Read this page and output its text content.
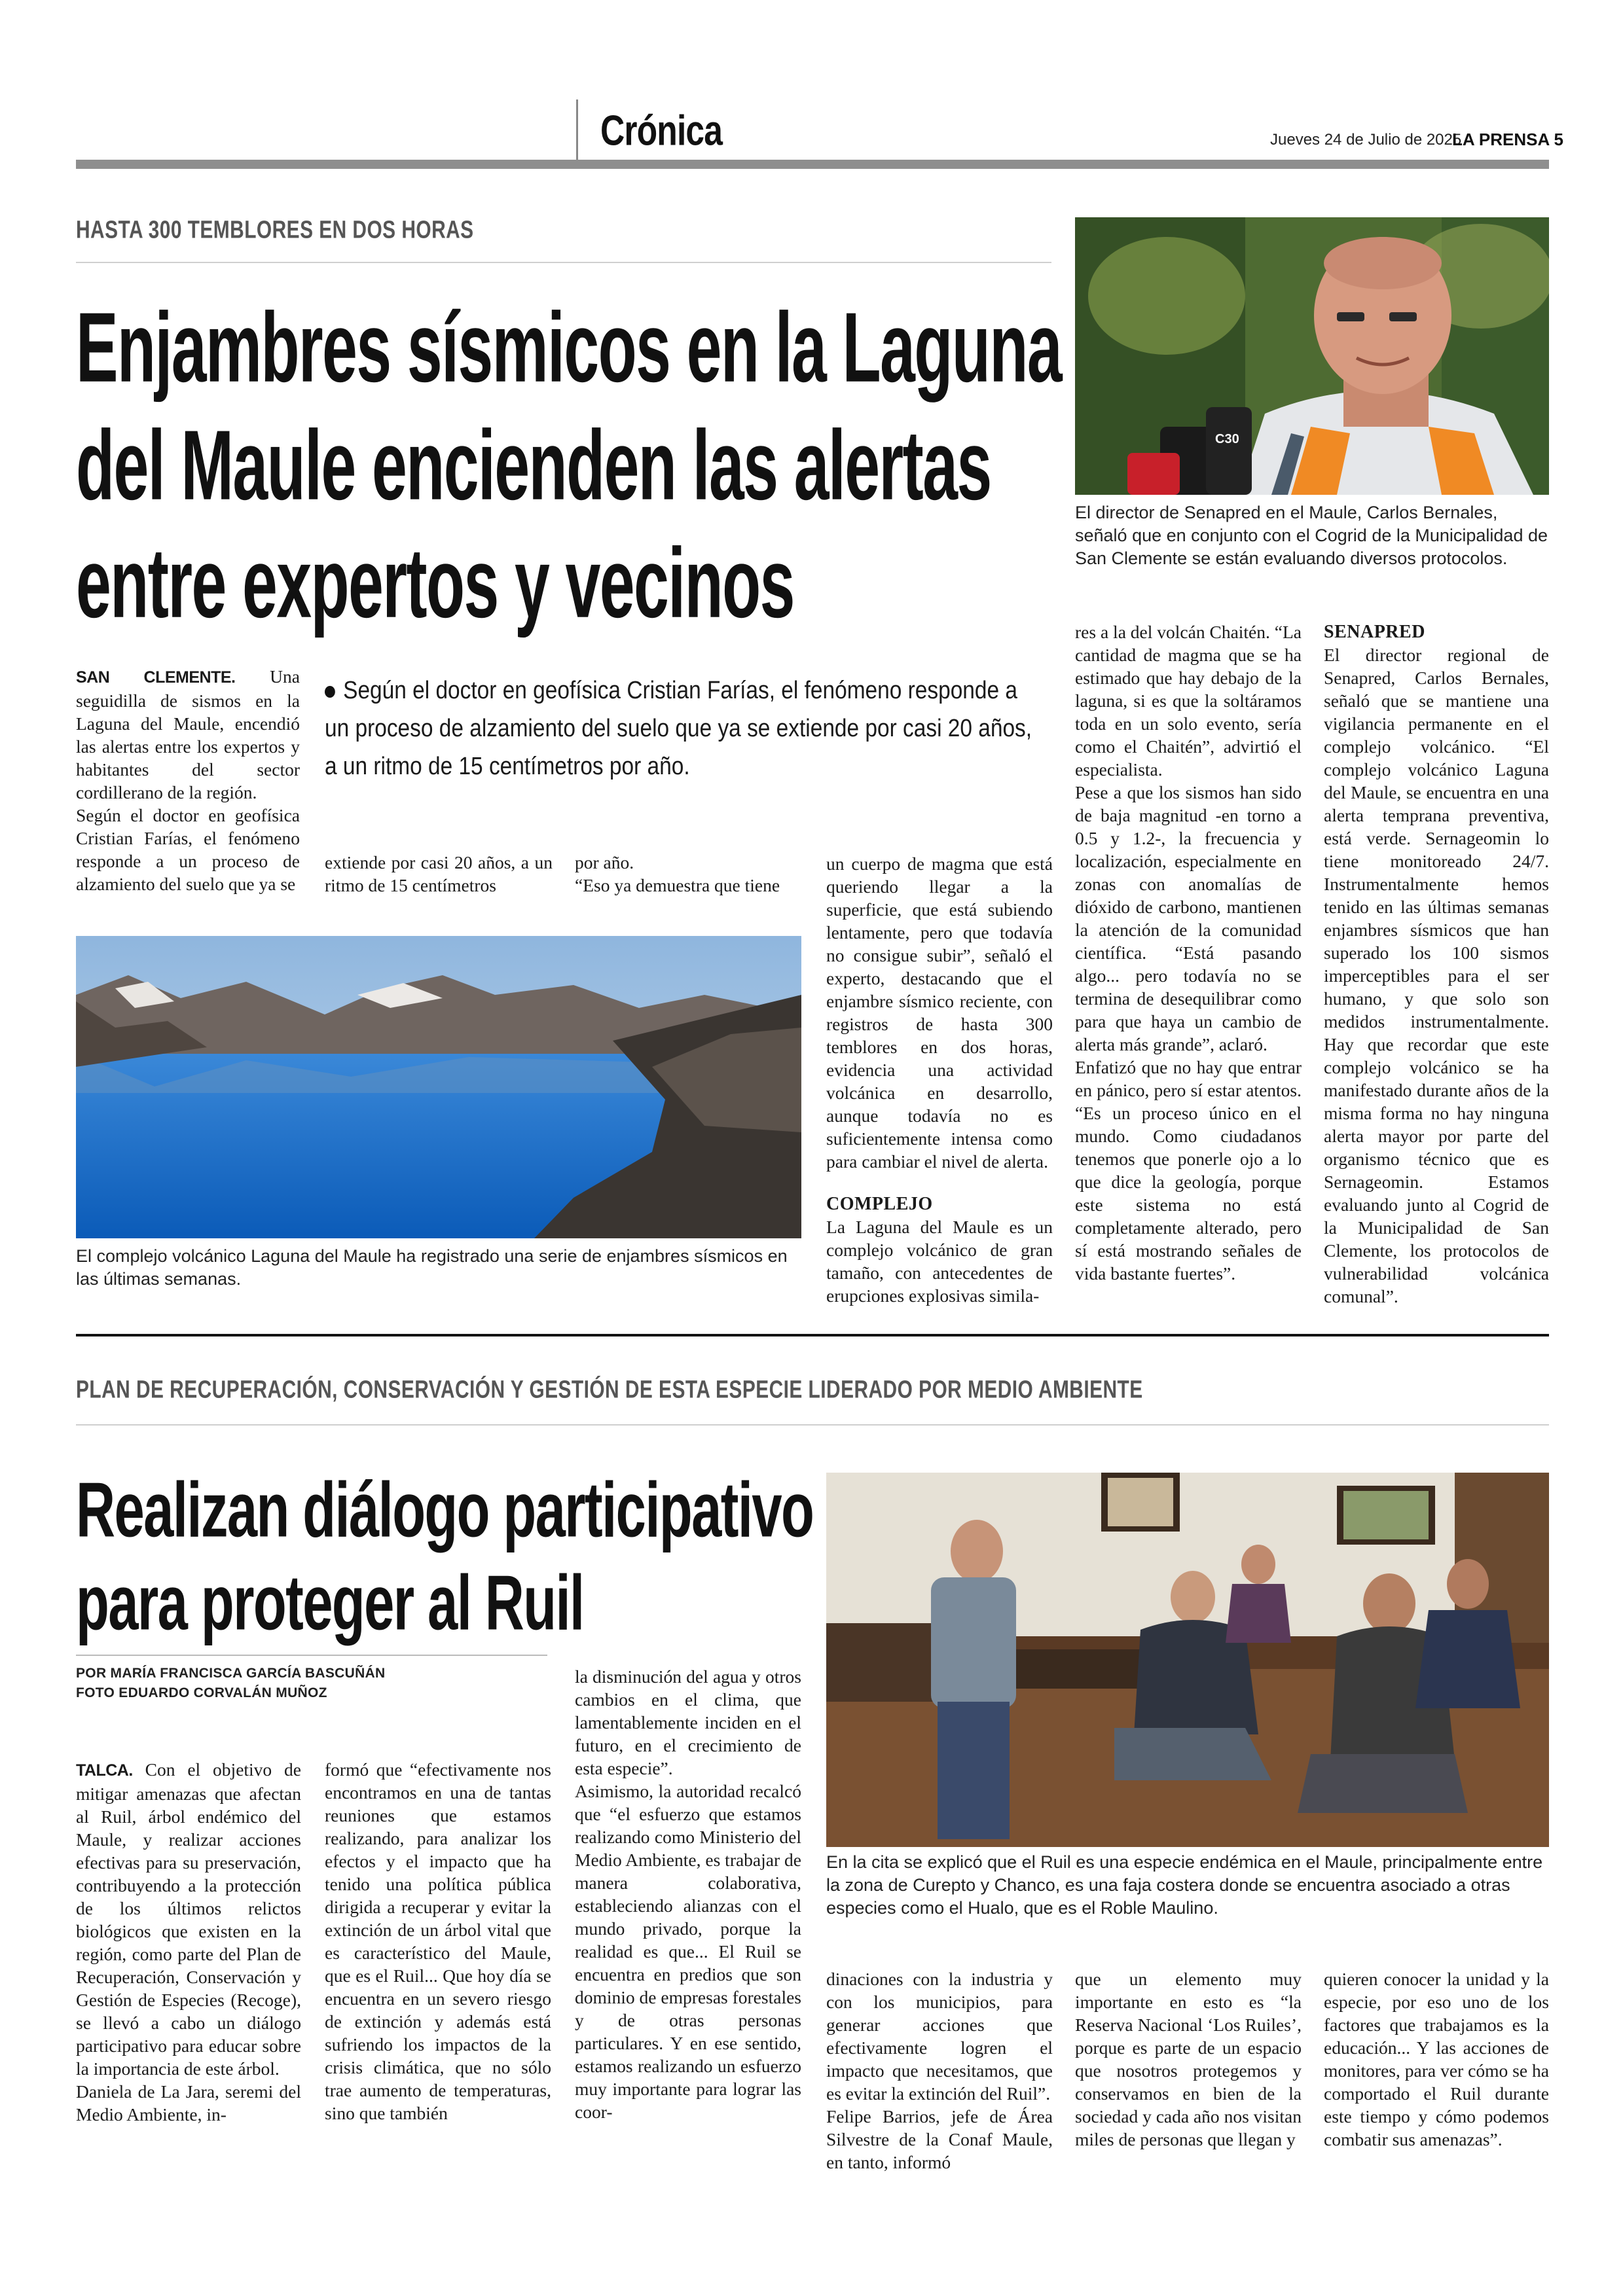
Crónica	Jueves 24 de Julio de 2025
LA PRENSA 5
HASTA 300 TEMBLORES EN DOS HORAS
Enjambres sísmicos en la Laguna
del Maule encienden las alertas
entre expertos y vecinos
C30
El director de Senapred en el Maule, Carlos Bernales, señaló que en conjunto con el Cogrid de la Municipalidad de San Clemente se están evaluando diversos protocolos.

SAN CLEMENTE. Una seguidilla de sismos en la Laguna del Maule, encendió las alertas entre los expertos y habitantes del sector cordillerano de la región.

Según el doctor en geofísica Cristian Farías, el fenómeno responde a un proceso de alzamiento del suelo que ya se

Según el doctor en geofísica Cristian Farías, el fenómeno responde a un proceso de alzamiento del suelo que ya se extiende por casi 20 años, a un ritmo de 15 centímetros por año.
extiende por casi 20 años, a un ritmo de 15 centímetros
por año.
“Eso ya demuestra que tiene

un cuerpo de magma que está queriendo llegar a la superficie, que está subiendo lentamente, pero que todavía no consigue subir”, señaló el experto, destacando que el enjambre sísmico reciente, con registros de hasta 300 temblores en dos horas, evidencia una actividad volcánica en desarrollo, aunque todavía no es suficientemente intensa como para cambiar el nivel de alerta.

COMPLEJO

La Laguna del Maule es un complejo volcánico de gran tamaño, con antecedentes de erupciones explosivas simila-

res a la del volcán Chaitén. “La cantidad de magma que se ha estimado que hay debajo de la laguna, si es que la soltáramos toda en un solo evento, sería como el Chaitén”, advirtió el especialista.

Pese a que los sismos han sido de baja magnitud -en torno a 0.5 y 1.2-, la frecuencia y localización, especialmente en zonas con anomalías de dióxido de carbono, mantienen la atención de la comunidad científica. “Está pasando algo... pero todavía no se termina de desequilibrar como para que haya un cambio de alerta más grande”, aclaró.

Enfatizó que no hay que entrar en pánico, pero sí estar atentos. “Es un proceso único en el mundo. Como ciudadanos tenemos que ponerle ojo a lo que dice la geología, porque este sistema no está completamente alterado, pero sí está mostrando señales de vida bastante fuertes”.

SENAPRED

El director regional de Senapred, Carlos Bernales, señaló que se mantiene una vigilancia permanente en el complejo volcánico. “El complejo volcánico Laguna del Maule, se encuentra en una alerta temprana preventiva, está verde. Sernageomin lo tiene monitoreado 24/7. Instrumentalmente hemos tenido en las últimas semanas enjambres sísmicos que han superado los 100 sismos imperceptibles para el ser humano, y que solo son medidos instrumentalmente. Hay que recordar que este complejo volcánico se ha manifestado durante años de la misma forma no hay ninguna alerta mayor por parte del organismo técnico que es Sernageomin. Estamos evaluando junto al Cogrid de la Municipalidad de San Clemente, los protocolos de vulnerabilidad volcánica comunal”.

El complejo volcánico Laguna del Maule ha registrado una serie de enjambres sísmicos en las últimas semanas.
PLAN DE RECUPERACIÓN, CONSERVACIÓN Y GESTIÓN DE ESTA ESPECIE LIDERADO POR MEDIO AMBIENTE
Realizan diálogo participativo
para proteger al Ruil
POR MARÍA FRANCISCA GARCÍA BASCUÑÁN
FOTO EDUARDO CORVALÁN MUÑOZ
En la cita se explicó que el Ruil es una especie endémica en el Maule, principalmente entre la zona de Curepto y Chanco, es una faja costera donde se encuentra asociado a otras especies como el Hualo, que es el Roble Maulino.

TALCA. Con el objetivo de mitigar amenazas que afectan al Ruil, árbol endémico del Maule, y realizar acciones efectivas para su preservación, contribuyendo a la protección de los últimos relictos biológicos que existen en la región, como parte del Plan de Recuperación, Conservación y Gestión de Especies (Recoge), se llevó a cabo un diálogo participativo para educar sobre la importancia de este árbol.

Daniela de La Jara, seremi del Medio Ambiente, in-

formó que “efectivamente nos encontramos en una de tantas reuniones que estamos realizando, para analizar los efectos y el impacto que ha tenido una política pública dirigida a recuperar y evitar la extinción de un árbol vital que es característico del Maule, que es el Ruil... Que hoy día se encuentra en un severo riesgo de extinción y además está sufriendo los impactos de la crisis climática, que no sólo trae aumento de temperaturas, sino que también

la disminución del agua y otros cambios en el clima, que lamentablemente inciden en el futuro, en el crecimiento de esta especie”.

Asimismo, la autoridad recalcó que “el esfuerzo que estamos realizando como Ministerio del Medio Ambiente, es trabajar de manera colaborativa, estableciendo alianzas con el mundo privado, porque la realidad es que... El Ruil se encuentra en predios que son dominio de empresas forestales y de otras personas particulares. Y en ese sentido, estamos realizando un esfuerzo muy importante para lograr las coor-

dinaciones con la industria y con los municipios, para generar acciones que efectivamente logren el impacto que necesitamos, que es evitar la extinción del Ruil”.

Felipe Barrios, jefe de Área Silvestre de la Conaf Maule, en tanto, informó

que un elemento muy importante en esto es “la Reserva Nacional ‘Los Ruiles’, porque es parte de un espacio que nosotros protegemos y conservamos en bien de la sociedad y cada año nos visitan miles de personas que llegan y
quieren conocer la unidad y la especie, por eso uno de los factores que trabajamos es la educación... Y las acciones de monitores, para ver cómo se ha comportado el Ruil durante este tiempo y cómo podemos combatir sus amenazas”.
